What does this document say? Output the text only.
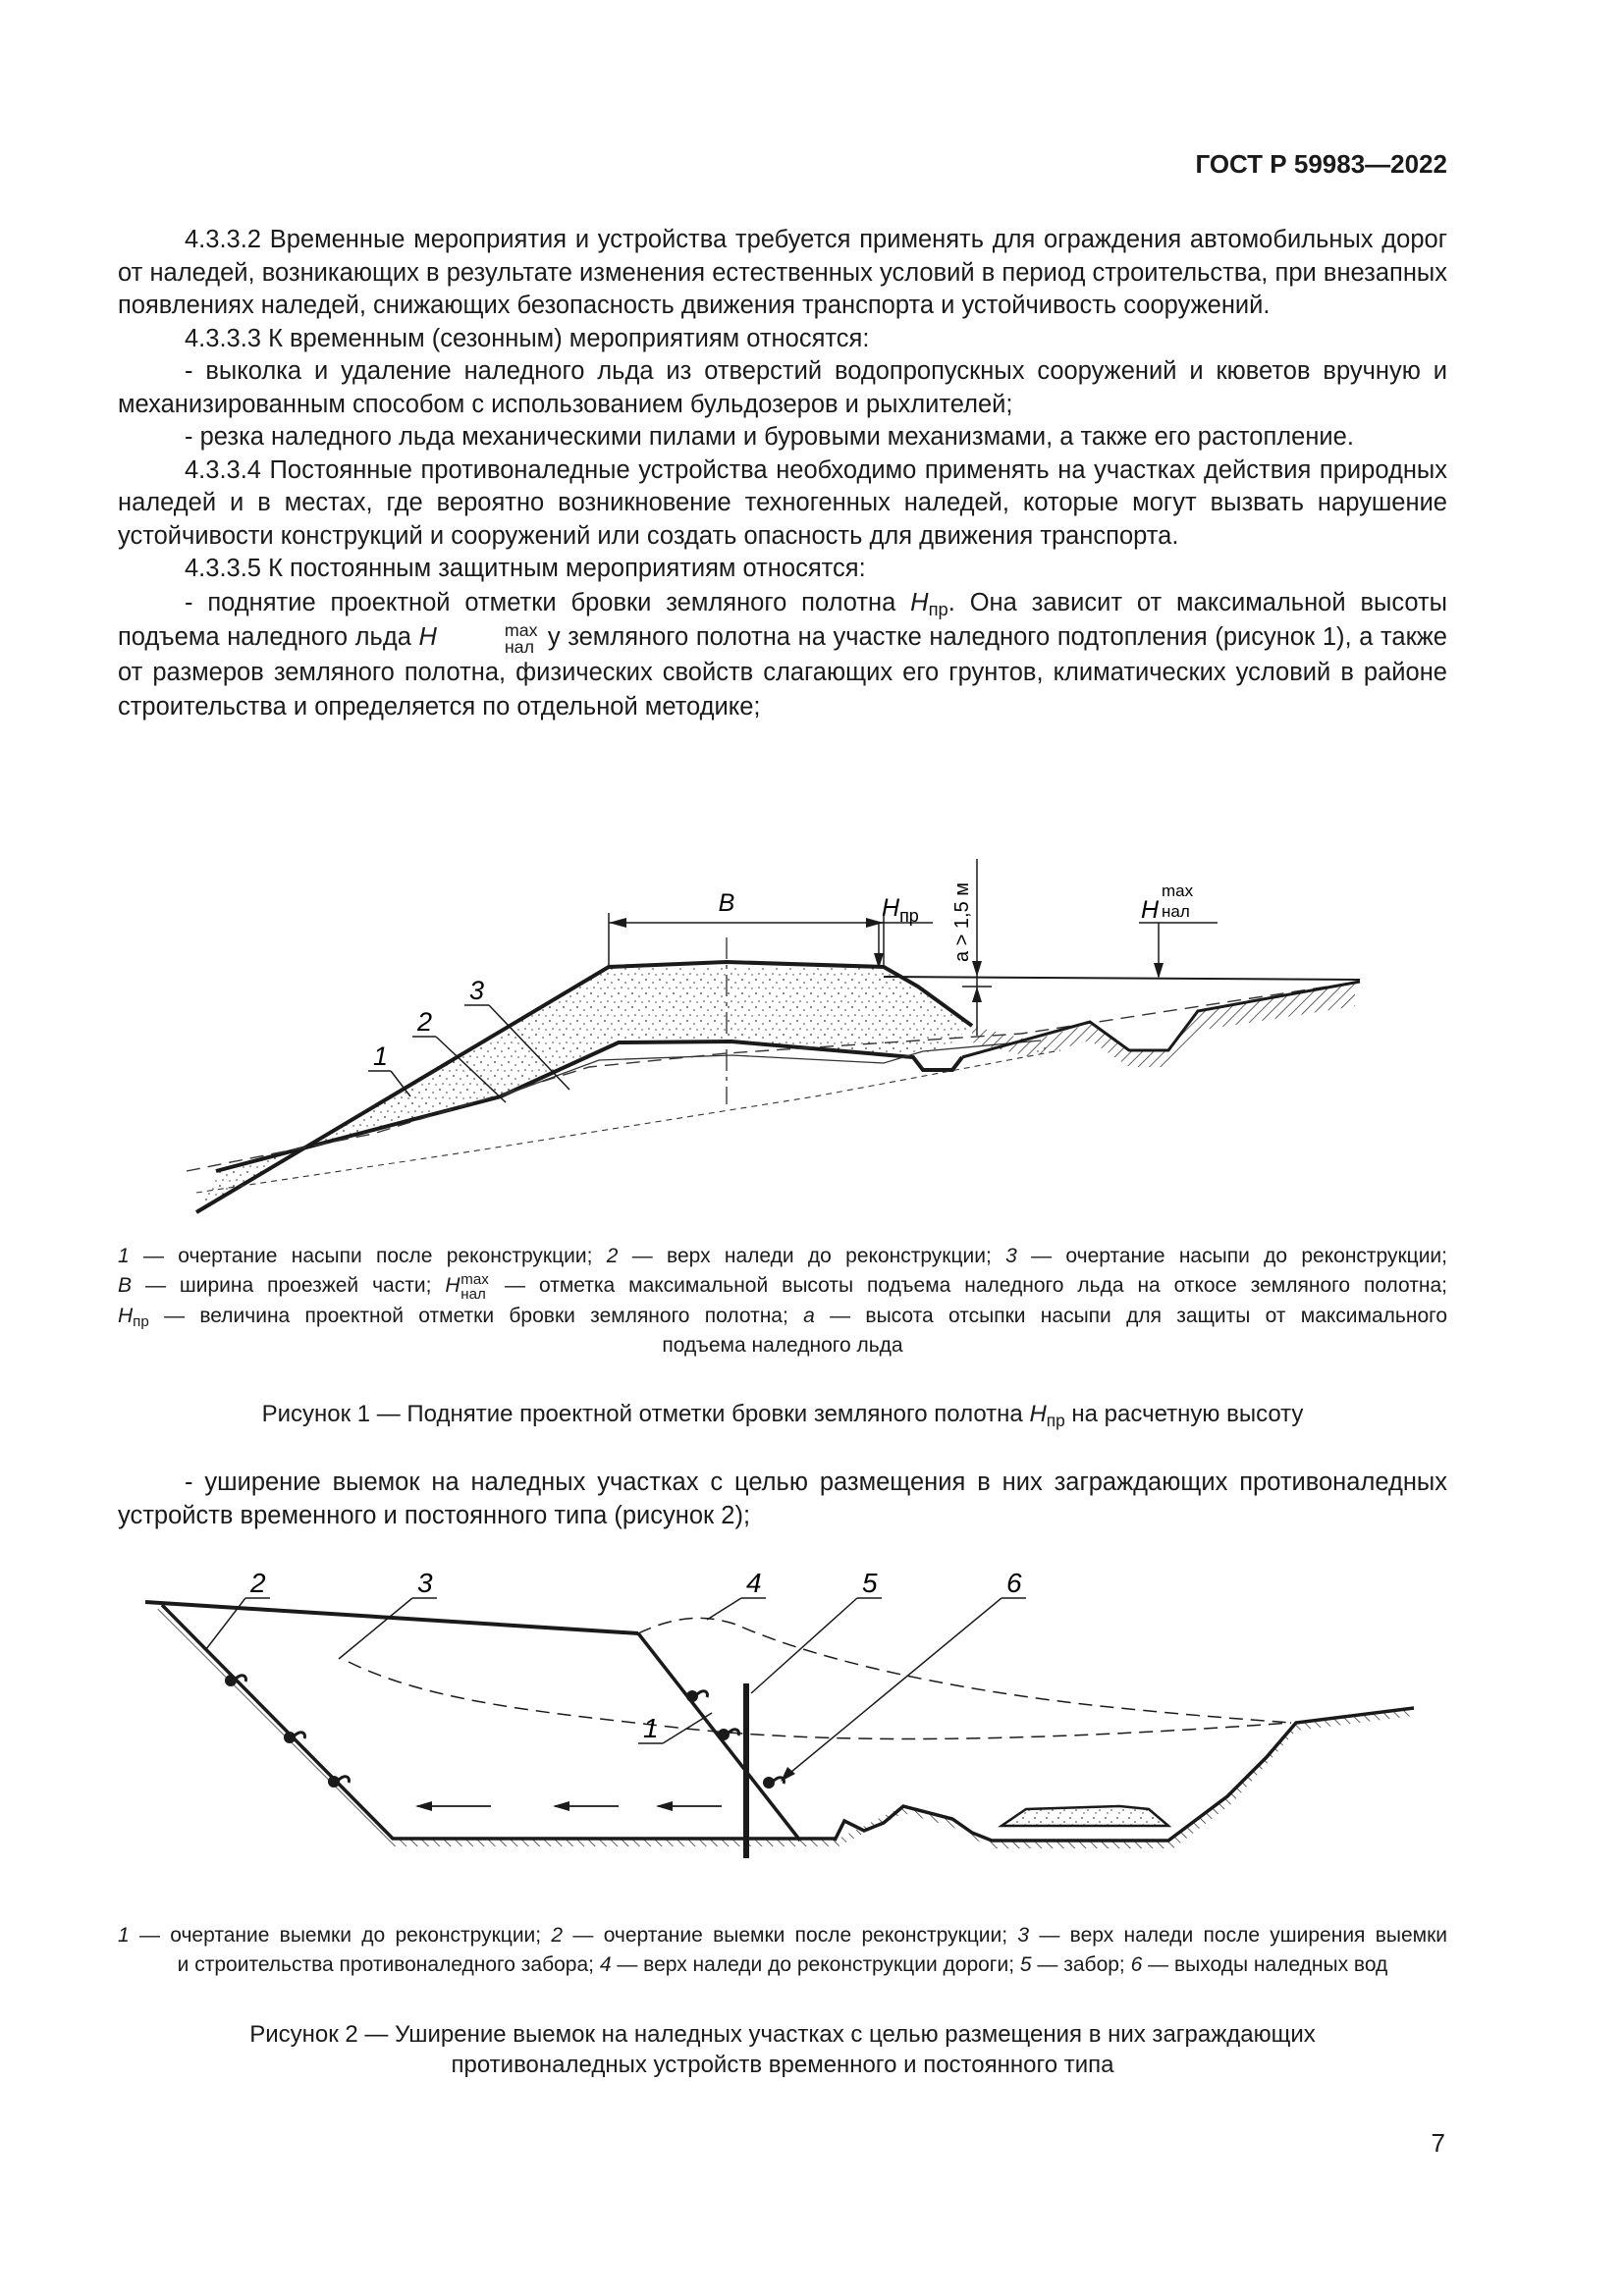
ГОСТ Р 59983—2022

4.3.3.2 Временные мероприятия и устройства требуется применять для ограждения автомобильных дорог от наледей, возникающих в результате изменения естественных условий в период строительства, при внезапных появлениях наледей, снижающих безопасность движения транспорта и устойчивость сооружений.

4.3.3.3 К временным (сезонным) мероприятиям относятся:

- выколка и удаление наледного льда из отверстий водопропускных сооружений и кюветов вручную и механизированным способом с использованием бульдозеров и рыхлителей;

- резка наледного льда механическими пилами и буровыми механизмами, а также его растопление.

4.3.3.4 Постоянные противоналедные устройства необходимо применять на участках действия природных наледей и в местах, где вероятно возникновение техногенных наледей, которые могут вызвать нарушение устойчивости конструкций и сооружений или создать опасность для движения транспорта.

4.3.3.5 К постоянным защитным мероприятиям относятся:

- поднятие проектной отметки бровки земляного полотна $H_{пр}$. Она зависит от максимальной высоты подъема наледного льда H	max
нал у земляного полотна на участке наледного подтопления (рисунок 1), а также от размеров земляного полотна, физических свойств слагающих его грунтов, климатических условий в районе строительства и определяется по отдельной методике;

B	$H_{пр}$ a > 1,5 м	H
max
нал
1
2
3

1 — очертание насыпи после реконструкции; 2 — верх наледи до реконструкции; 3 — очертание насыпи до реконструкции;

B — ширина проезжей части; H max
нал — отметка максимальной высоты подъема наледного льда на откосе земляного полотна;

$H_{пр}$ — величина проектной отметки бровки земляного полотна; a — высота отсыпки насыпи для защиты от максимального

подъема наледного льда

Рисунок 1 — Поднятие проектной отметки бровки земляного полотна $H_{пр}$ на расчетную высоту

- уширение выемок на наледных участках с целью размещения в них заграждающих противоналедных устройств временного и постоянного типа (рисунок 2);

2	3	4	5	6
1

1 — очертание выемки до реконструкции; 2 — очертание выемки после реконструкции; 3 — верх наледи после уширения выемки

и строительства противоналедного забора; 4 — верх наледи до реконструкции дороги; 5 — забор; 6 — выходы наледных вод

Рисунок 2 — Уширение выемок на наледных участках с целью размещения в них заграждающих

противоналедных устройств временного и постоянного типа

7
